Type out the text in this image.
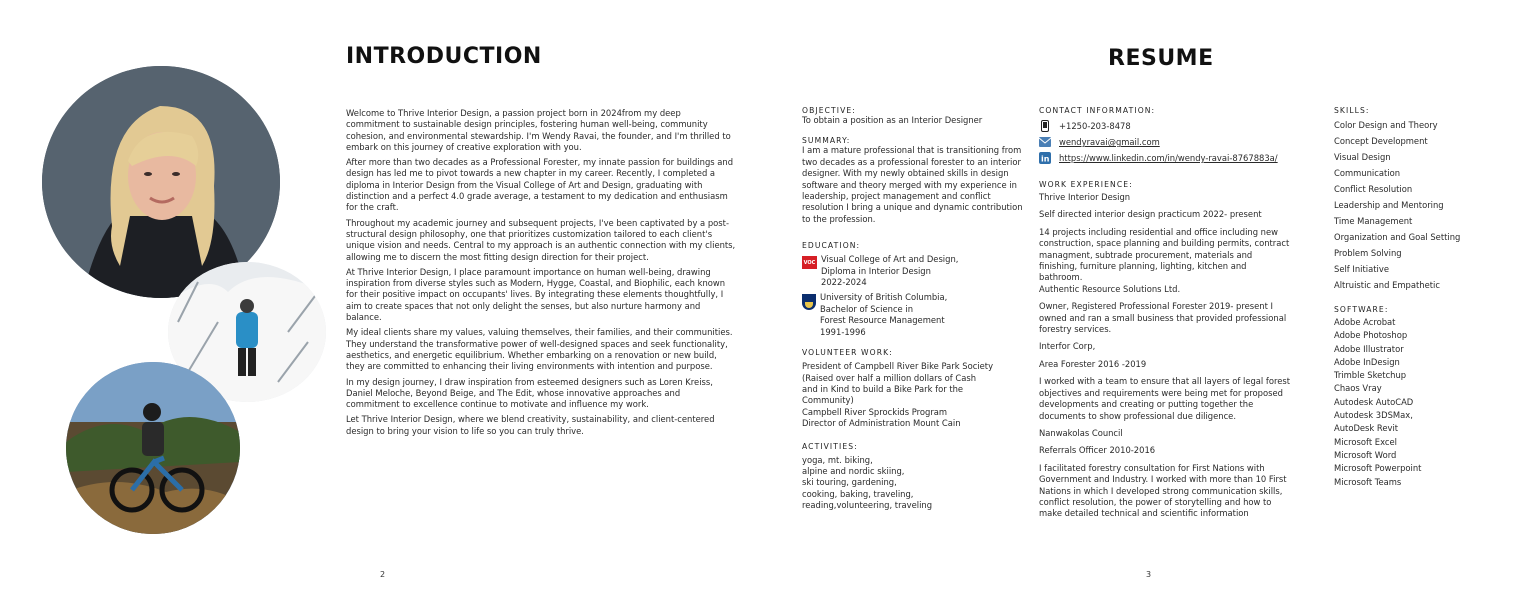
INTRODUCTION

Welcome to Thrive Interior Design, a passion project born in 2024from my deep commitment to sustainable design principles, fostering human well-being, community cohesion, and environmental stewardship. I'm Wendy Ravai, the founder, and I'm thrilled to embark on this journey of creative exploration with you.

After more than two decades as a Professional Forester, my innate passion for buildings and design has led me to pivot towards a new chapter in my career. Recently, I completed a diploma in Interior Design from the Visual College of Art and Design, graduating with distinction and a perfect 4.0 grade average, a testament to my dedication and enthusiasm for the craft.

Throughout my academic journey and subsequent projects, I've been captivated by a post-structural design philosophy, one that prioritizes customization tailored to each client's unique vision and needs. Central to my approach is an authentic connection with my clients, allowing me to discern the most fitting design direction for their project.

At Thrive Interior Design, I place paramount importance on human well-being, drawing inspiration from diverse styles such as Modern, Hygge, Coastal, and Biophilic, each known for their positive impact on occupants' lives. By integrating these elements thoughtfully, I aim to create spaces that not only delight the senses, but also nurture harmony and balance.

My ideal clients share my values, valuing themselves, their families, and their communities. They understand the transformative power of well-designed spaces and seek functionality, aesthetics, and energetic equilibrium. Whether embarking on a renovation or new build, they are committed to enhancing their living environments with intention and purpose.

In my design journey, I draw inspiration from esteemed designers such as Loren Kreiss, Daniel Meloche, Beyond Beige, and The Edit, whose innovative approaches and commitment to excellence continue to motivate and influence my work.

Let Thrive Interior Design, where we blend creativity, sustainability, and client-centered design to bring your vision to life so you can truly thrive.

2
RESUME

OBJECTIVE:

To obtain a position as an Interior Designer

SUMMARY:

I am a mature professional that is transitioning from two decades as a professional forester to an interior designer. With my newly obtained skills in design software and theory merged with my experience in leadership, project management and conflict resolution I bring a unique and dynamic contribution to the profession.

EDUCATION:

VOC Visual College of Art and Design,
Diploma in Interior Design
2022-2024
University of British Columbia,
Bachelor of Science in
Forest Resource Management
1991-1996

VOLUNTEER WORK:

President of Campbell River Bike Park Society
(Raised over half a million dollars of Cash
and in Kind to build a Bike Park for the
Community)
Campbell River Sprockids Program
Director of Administration Mount Cain

ACTIVITIES:

yoga, mt. biking,
alpine and nordic skiing,
ski touring, gardening,
cooking, baking, traveling,
reading,volunteering, traveling

CONTACT INFORMATION:

+1250-203-8478
wendyravai@gmail.com
in https://www.linkedin.com/in/wendy-ravai-8767883a/

WORK EXPERIENCE:

Thrive Interior Design
Self directed interior design practicum 2022- present
14 projects including residential and office including new construction, space planning and building permits, contract managment, subtrade procurement, materials and finishing, furniture planning, lighting, kitchen and bathroom.
Authentic Resource Solutions Ltd.
Owner, Registered Professional Forester 2019- present I owned and ran a small business that provided professional forestry services.
Interfor Corp,
Area Forester 2016 -2019
I worked with a team to ensure that all layers of legal forest objectives and requirements were being met for proposed developments and creating or putting together the documents to show professional due diligence.
Nanwakolas Council
Referrals Officer 2010-2016
I facilitated forestry consultation for First Nations with Government and Industry. I worked with more than 10 First Nations in which I developed strong communication skills, conflict resolution, the power of storytelling and how to make detailed technical and scientific information

SKILLS:

Color Design and Theory
Concept Development
Visual Design
Communication
Conflict Resolution
Leadership and Mentoring
Time Management
Organization and Goal Setting
Problem Solving
Self Initiative
Altruistic and Empathetic

SOFTWARE:

Adobe Acrobat
Adobe Photoshop
Adobe Illustrator
Adobe InDesign
Trimble Sketchup
Chaos Vray
Autodesk AutoCAD
Autodesk 3DSMax,
AutoDesk Revit
Microsoft Excel
Microsoft Word
Microsoft Powerpoint
Microsoft Teams
3
